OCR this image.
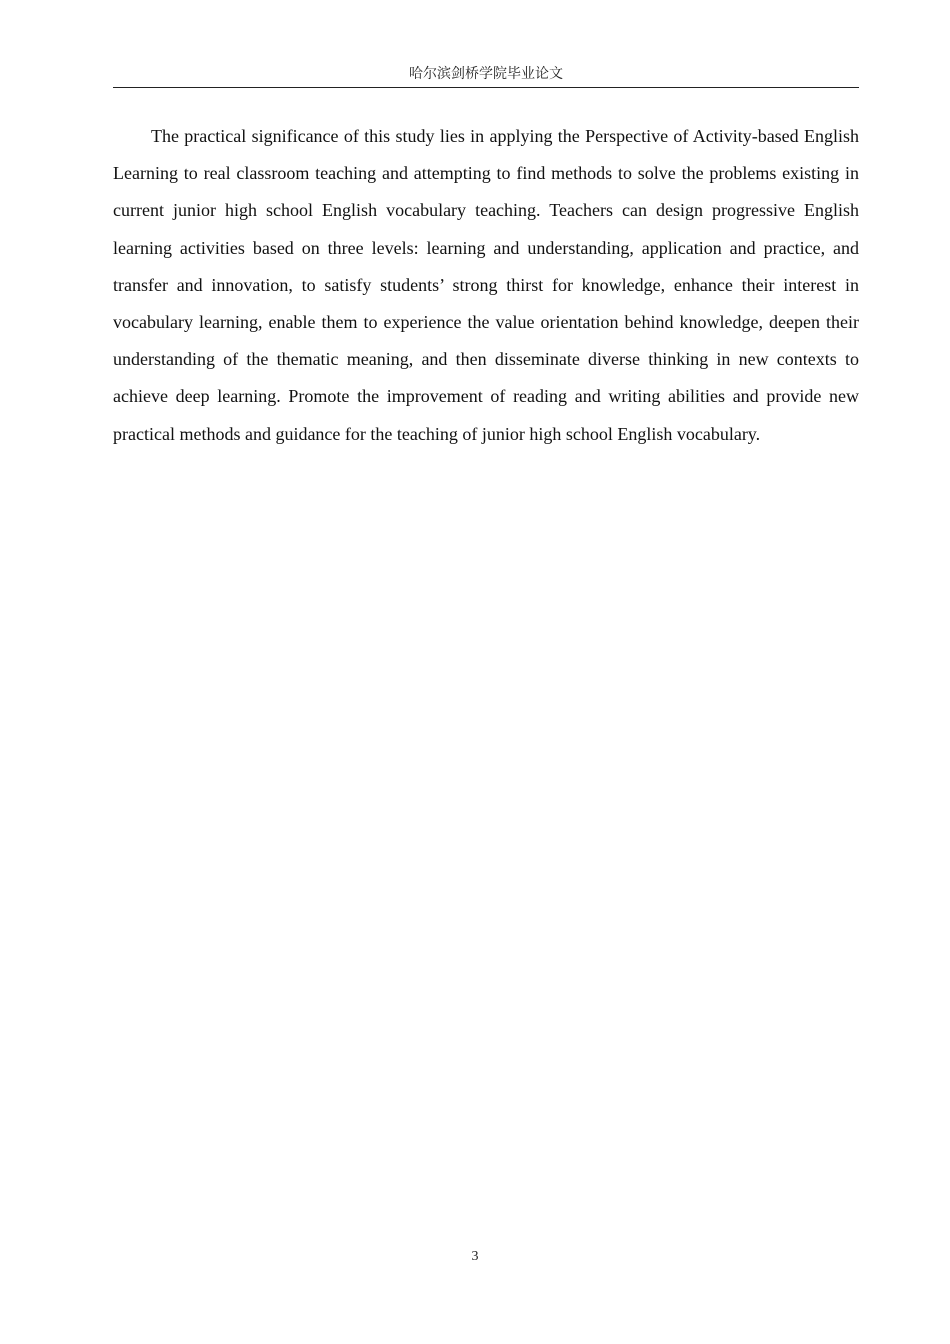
哈尔滨剑桥学院毕业论文

The practical significance of this study lies in applying the Perspective of Activity-based English Learning to real classroom teaching and attempting to find methods to solve the problems existing in current junior high school English vocabulary teaching. Teachers can design progressive English learning activities based on three levels: learning and understanding, application and practice, and transfer and innovation, to satisfy students’ strong thirst for knowledge, enhance their interest in vocabulary learning, enable them to experience the value orientation behind knowledge, deepen their understanding of the thematic meaning, and then disseminate diverse thinking in new contexts to achieve deep learning. Promote the improvement of reading and writing abilities and provide new practical methods and guidance for the teaching of junior high school English vocabulary.

3
